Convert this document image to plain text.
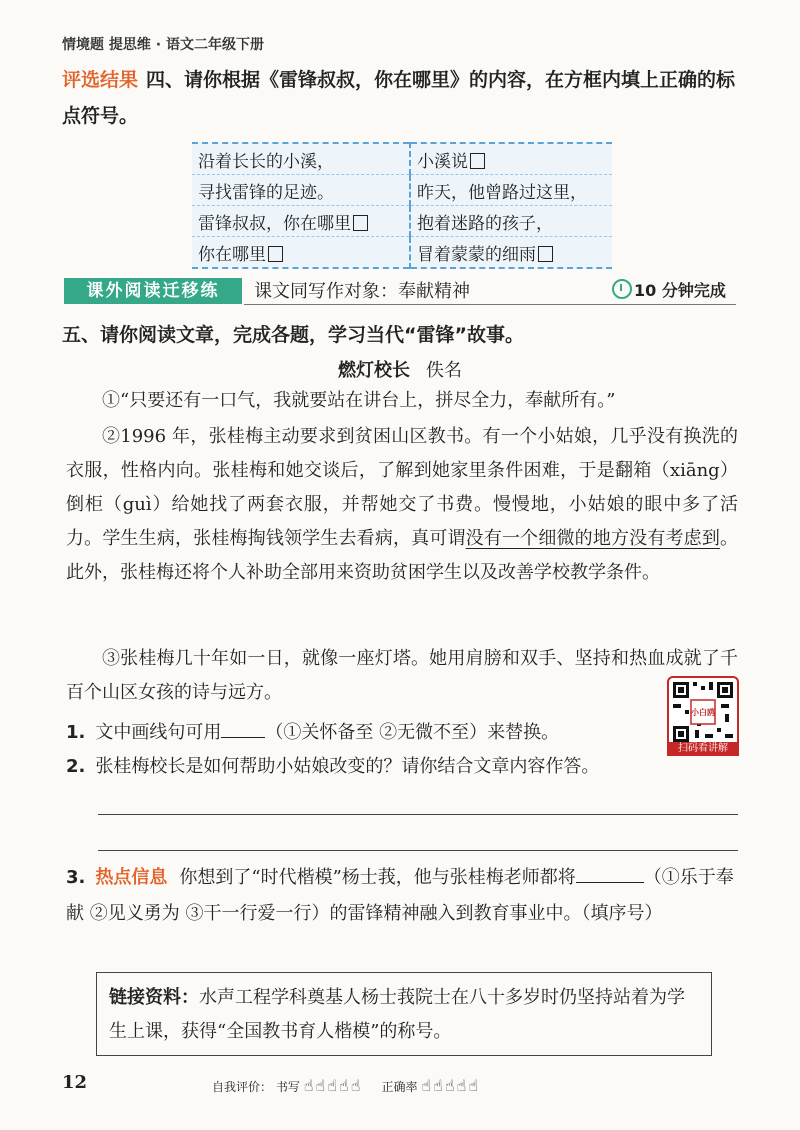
情境题 提思维 · 语文二年级下册
评选结果 四、请你根据《雷锋叔叔，你在哪里》的内容，在方框内填上正确的标点符号。
沿着长长的小溪，	小溪说
寻找雷锋的足迹。	昨天，他曾路过这里，
雷锋叔叔，你在哪里	抱着迷路的孩子，
你在哪里	冒着蒙蒙的细雨
课外阅读迁移练	课文同写作对象：奉献精神	10 分钟完成
五、请你阅读文章，完成各题，学习当代“雷锋”故事。
燃灯校长 佚名

①“只要还有一口气，我就要站在讲台上，拼尽全力，奉献所有。”

②1996 年，张桂梅主动要求到贫困山区教书。有一个小姑娘，几乎没有换洗的衣服，性格内向。张桂梅和她交谈后，了解到她家里条件困难，于是翻箱（xiāng）倒柜（guì）给她找了两套衣服，并帮她交了书费。慢慢地，小姑娘的眼中多了活力。学生生病，张桂梅掏钱领学生去看病，真可谓没有一个细微的地方没有考虑到。此外，张桂梅还将个人补助全部用来资助贫困学生以及改善学校教学条件。

③张桂梅几十年如一日，就像一座灯塔。她用肩膀和双手、坚持和热血成就了千百个山区女孩的诗与远方。

小白鸥
扫码看讲解
1. 文中画线句可用 （①关怀备至 ②无微不至）来替换。
2. 张桂梅校长是如何帮助小姑娘改变的？请你结合文章内容作答。

3. 热点信息 你想到了“时代楷模”杨士莪，他与张桂梅老师都将	（①乐于奉献 ②见义勇为 ③干一行爱一行）的雷锋精神融入到教育事业中。（填序号）

链接资料：水声工程学科奠基人杨士莪院士在八十多岁时仍坚持站着为学生上课，获得“全国教书育人楷模”的称号。

12	自我评价： 书写 ☝ ☝ ☝ ☝ ☝ 正确率 ☝ ☝ ☝ ☝ ☝
